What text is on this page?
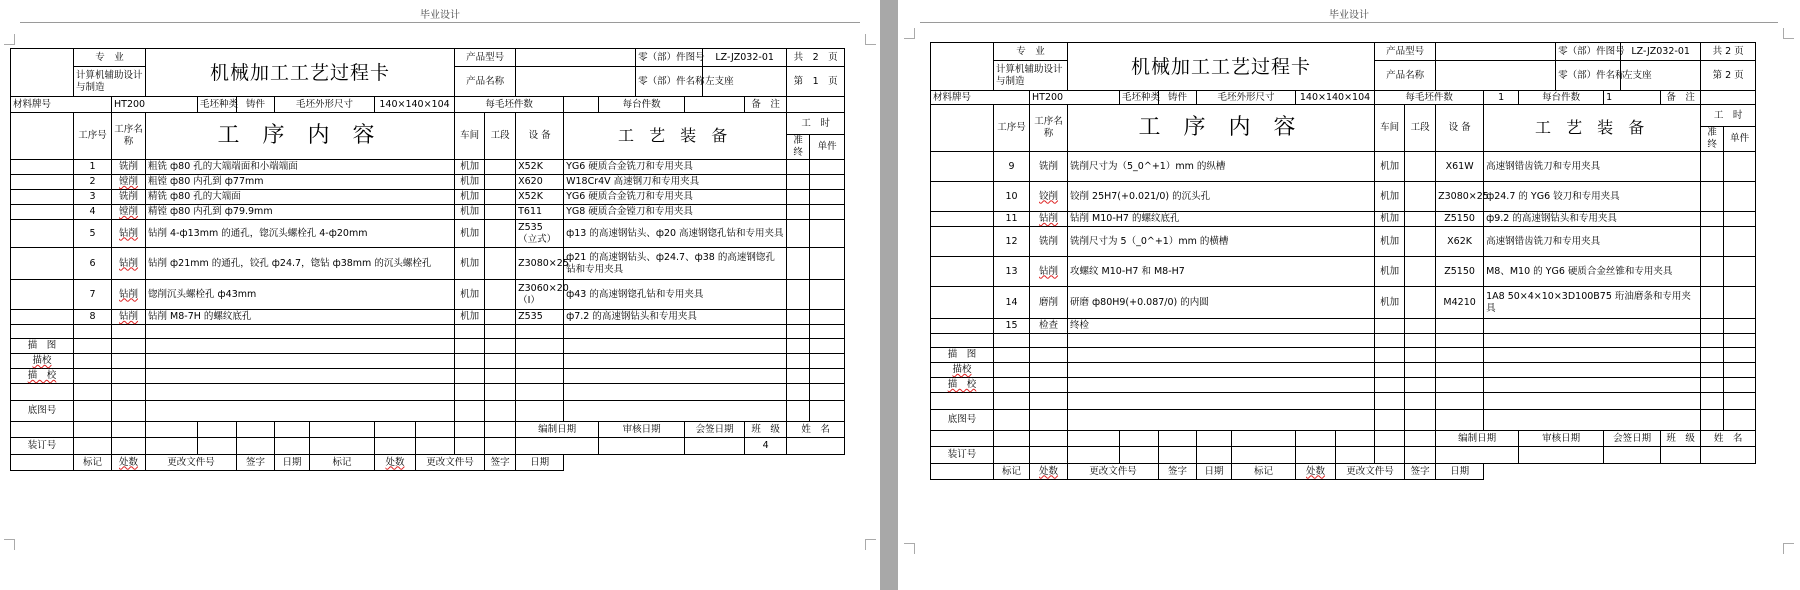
毕业设计
	专　业		机械加工工艺过程卡							产品型号					零（部）件图号		LZ-JZ032-01			共　2　页	
	计算机辅助设计与制造									产品名称					零（部）件名称		左支座			第　1　页	
材料牌号		HT200		毛坯种类	铸件	毛坯外形尺寸		140×140×104		每毛坯件数				每台件数				备　注			
	工序号	工序名称	工 序 内 容							车间	工段	设 备	工 艺 装 备							工　时	
																				准终	单件
	1	铣削	粗铣 ф80 孔的大端端面和小端端面							机加		X52K	YG6 硬质合金铣刀和专用夹具								
	2	镗削	粗镗 ф80 内孔到 ф77mm							机加		X620	W18Cr4V 高速钢刀和专用夹具								
	3	铣削	精铣 ф80 孔的大端面							机加		X52K	YG6 硬质合金铣刀和专用夹具								
	4	镗削	精镗 ф80 内孔到 ф79.9mm							机加		T611	YG8 硬质合金镗刀和专用夹具								
	5	钻削	钻削 4-ф13mm 的通孔，锪沉头螺栓孔 4-ф20mm							机加		Z535（立式）	ф13 的高速钢钻头、ф20 高速钢锪孔钻和专用夹具								
	6	钻削	钻削 ф21mm 的通孔，铰孔 ф24.7，锪钻 ф38mm 的沉头螺栓孔							机加		Z3080×25	ф21 的高速钢钻头、ф24.7、ф38 的高速钢锪孔钻和专用夹具								
	7	钻削	锪削沉头螺栓孔 ф43mm							机加		Z3060×20（Ⅰ）	ф43 的高速钢锪孔钻和专用夹具								
	8	钻削	钻削 M8-7H 的螺纹底孔							机加		Z535	ф7.2 的高速钢钻头和专用夹具								

描　图																					
描校																					
描　校																					

底图号																					
												编制日期		审核日期		会签日期		班　级		姓　名	
装订号																		4			
	标记	处数	更改文件号		签字	日期	标记	处数	更改文件号		签字	日期									
毕业设计
	专　业		机械加工工艺过程卡							产品型号					零（部）件图号		LZ-JZ032-01			共 2 页	
	计算机辅助设计与制造									产品名称					零（部）件名称		左支座			第 2 页	
材料牌号		HT200		毛坯种类	铸件	毛坯外形尺寸		140×140×104		每毛坯件数			1	每台件数		1		备　注			
	工序号	工序名称	工 序 内 容							车间	工段	设 备	工 艺 装 备							工　时	
																				准终	单件
	9	铣削	铣削尺寸为（5_0^+1）mm 的纵槽							机加		X61W	高速钢错齿铣刀和专用夹具								
	10	铰削	铰削 25H7(+0.021/0) 的沉头孔							机加		Z3080×25	ф24.7 的 YG6 铰刀和专用夹具								
	11	钻削	钻削 M10-H7 的螺纹底孔							机加		Z5150	ф9.2 的高速钢钻头和专用夹具								
	12	铣削	铣削尺寸为 5（_0^+1）mm 的横槽							机加		X62K	高速钢错齿铣刀和专用夹具								
	13	钻削	攻螺纹 M10-H7 和 M8-H7							机加		Z5150	M8、M10 的 YG6 硬质合金丝锥和专用夹具								
	14	磨削	研磨 ф80H9(+0.087/0) 的内圆							机加		M4210	1A8 50×4×10×3D100B75 珩油磨条和专用夹具								
	15	检查	终检																		

描　图																					
描校																					
描　校																					

底图号																					
												编制日期		审核日期		会签日期		班　级		姓　名	
装订号																					
	标记	处数	更改文件号		签字	日期	标记	处数	更改文件号		签字	日期									
